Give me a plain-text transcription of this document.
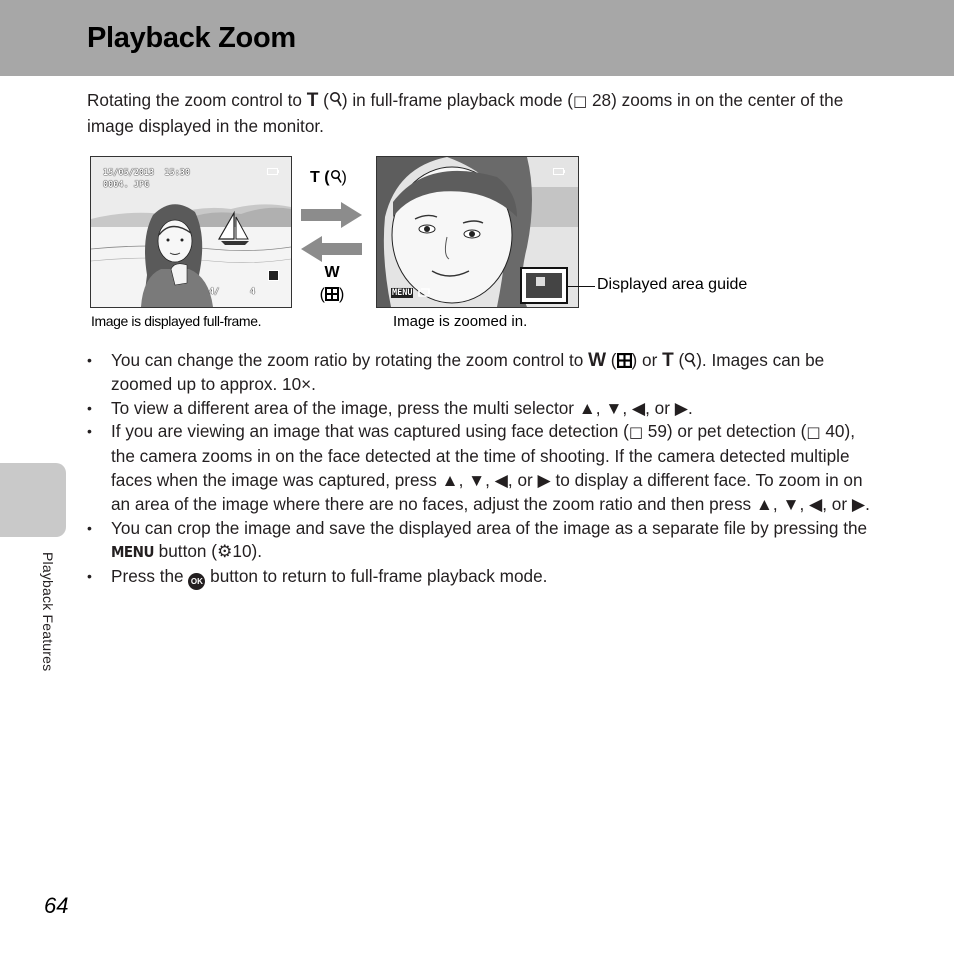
Playback Zoom

Rotating the zoom control to T ( ) in full-frame playback mode (□ 28) zooms in on the center of the image displayed in the monitor.

15/05/2013  15:30
0004. JPG
4/      4	MENU
T ( )
W
( )
Displayed area guide

Image is displayed full-frame.	Image is zoomed in.

• You can change the zoom ratio by rotating the zoom control to W ( ) or T ( ). Images can be zoomed up to approx. 10×.
• To view a different area of the image, press the multi selector ▲, ▼, ◀, or ▶.
• If you are viewing an image that was captured using face detection (□ 59) or pet detection (□ 40), the camera zooms in on the face detected at the time of shooting. If the camera detected multiple faces when the image was captured, press ▲, ▼, ◀, or ▶ to display a different face. To zoom in on an area of the image where there are no faces, adjust the zoom ratio and then press ▲, ▼, ◀, or ▶.
• You can crop the image and save the displayed area of the image as a separate file by pressing the MENU button (⚙10).
• Press the OK button to return to full-frame playback mode.
Playback Features
64
